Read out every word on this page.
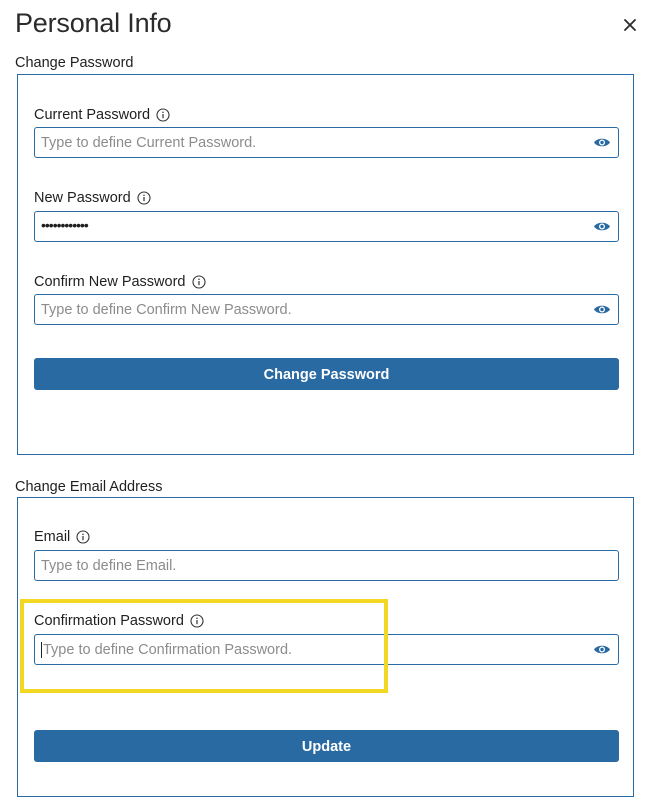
Personal Info
Change Password
Current Password
New Password
••••••••••••
Confirm New Password
Change Password
Change Email Address
Email
Type to define Email.
Confirmation Password
Update
